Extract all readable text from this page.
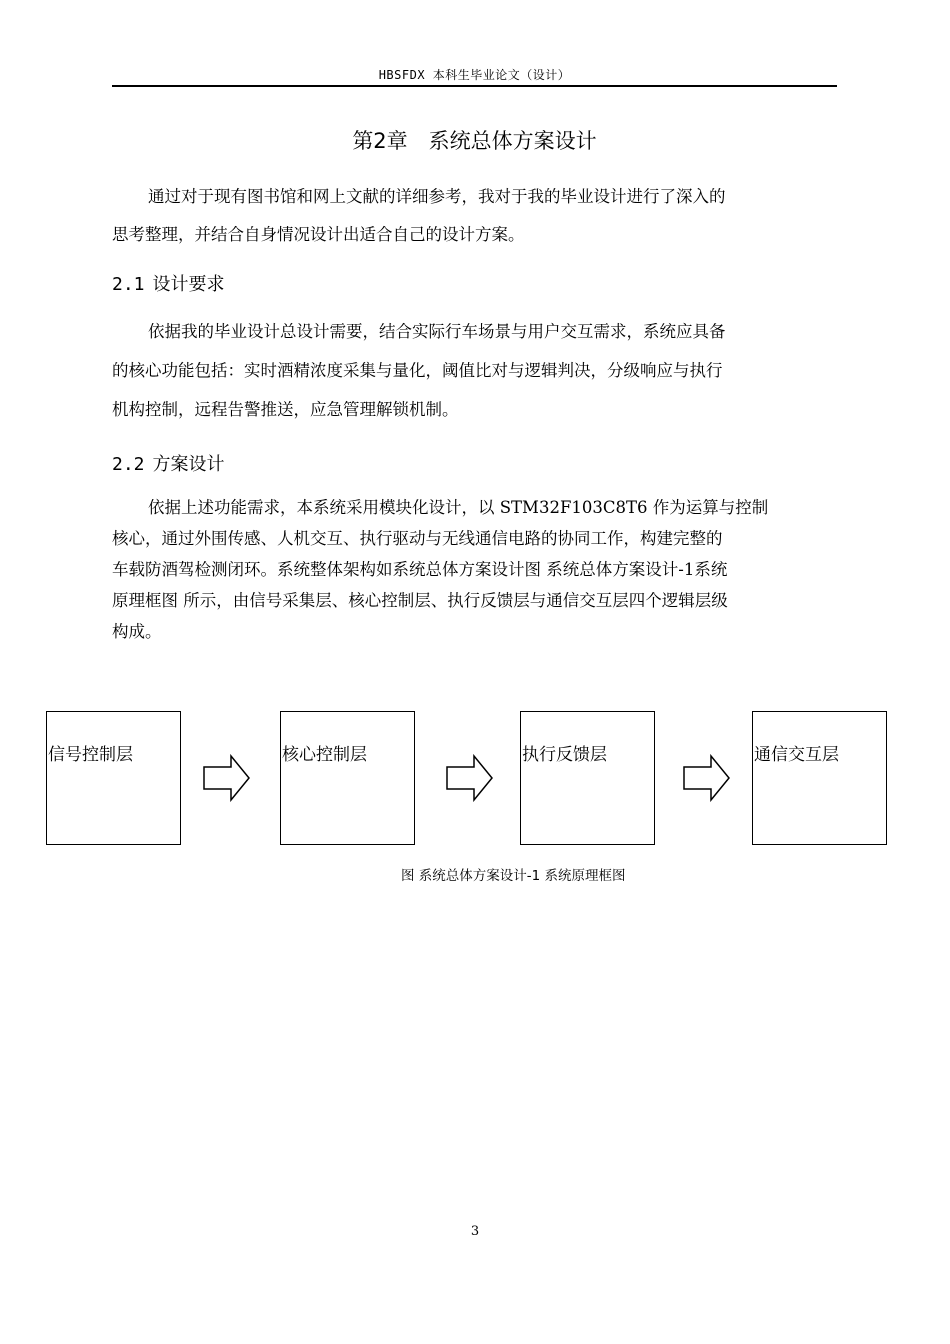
HBSFDX 本科生毕业论文（设计）
第2章　系统总体方案设计

通过对于现有图书馆和网上文献的详细参考，我对于我的毕业设计进行了深入的

思考整理，并结合自身情况设计出适合自己的设计方案。

2.1 设计要求

依据我的毕业设计总设计需要，结合实际行车场景与用户交互需求，系统应具备

的核心功能包括：实时酒精浓度采集与量化，阈值比对与逻辑判决，分级响应与执行

机构控制，远程告警推送，应急管理解锁机制。

2.2 方案设计

依据上述功能需求，本系统采用模块化设计，以 STM32F103C8T6 作为运算与控制

核心，通过外围传感、人机交互、执行驱动与无线通信电路的协同工作，构建完整的

车载防酒驾检测闭环。系统整体架构如系统总体方案设计图 系统总体方案设计-1系统

原理框图 所示，由信号采集层、核心控制层、执行反馈层与通信交互层四个逻辑层级

构成。

信号控制层	核心控制层	执行反馈层	通信交互层
图 系统总体方案设计-1 系统原理框图
3
